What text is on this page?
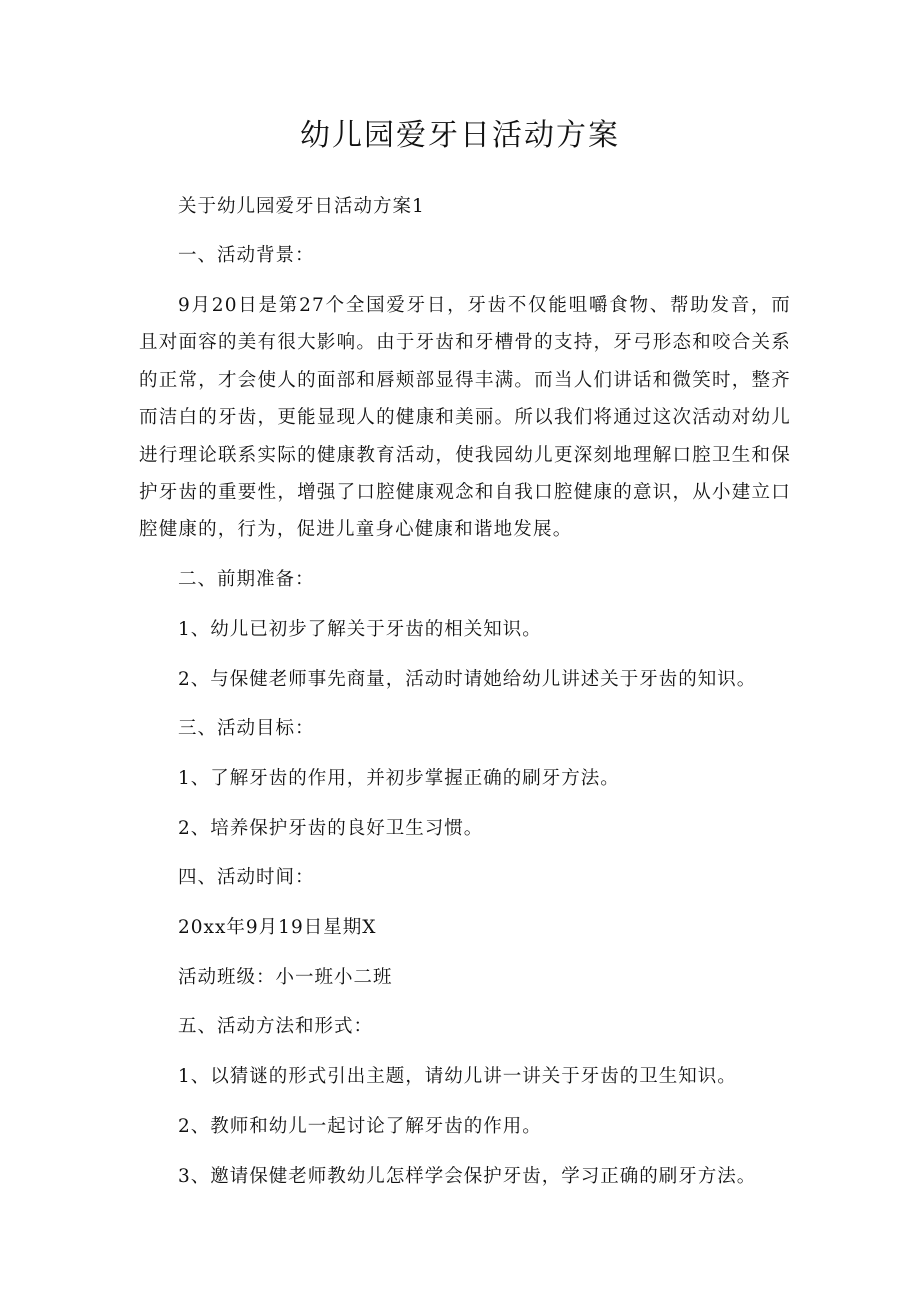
幼儿园爱牙日活动方案
关于幼儿园爱牙日活动方案1
一、活动背景：
9月20日是第27个全国爱牙日，牙齿不仅能咀嚼食物、帮助发音，而且对面容的美有很大影响。由于牙齿和牙槽骨的支持，牙弓形态和咬合关系的正常，才会使人的面部和唇颊部显得丰满。而当人们讲话和微笑时，整齐而洁白的牙齿，更能显现人的健康和美丽。所以我们将通过这次活动对幼儿进行理论联系实际的健康教育活动，使我园幼儿更深刻地理解口腔卫生和保护牙齿的重要性，增强了口腔健康观念和自我口腔健康的意识，从小建立口腔健康的，行为，促进儿童身心健康和谐地发展。
二、前期准备：
1、幼儿已初步了解关于牙齿的相关知识。
2、与保健老师事先商量，活动时请她给幼儿讲述关于牙齿的知识。
三、活动目标：
1、了解牙齿的作用，并初步掌握正确的刷牙方法。
2、培养保护牙齿的良好卫生习惯。
四、活动时间：
20xx年9月19日星期X
活动班级：小一班小二班
五、活动方法和形式：
1、以猜谜的形式引出主题，请幼儿讲一讲关于牙齿的卫生知识。
2、教师和幼儿一起讨论了解牙齿的作用。
3、邀请保健老师教幼儿怎样学会保护牙齿，学习正确的刷牙方法。
